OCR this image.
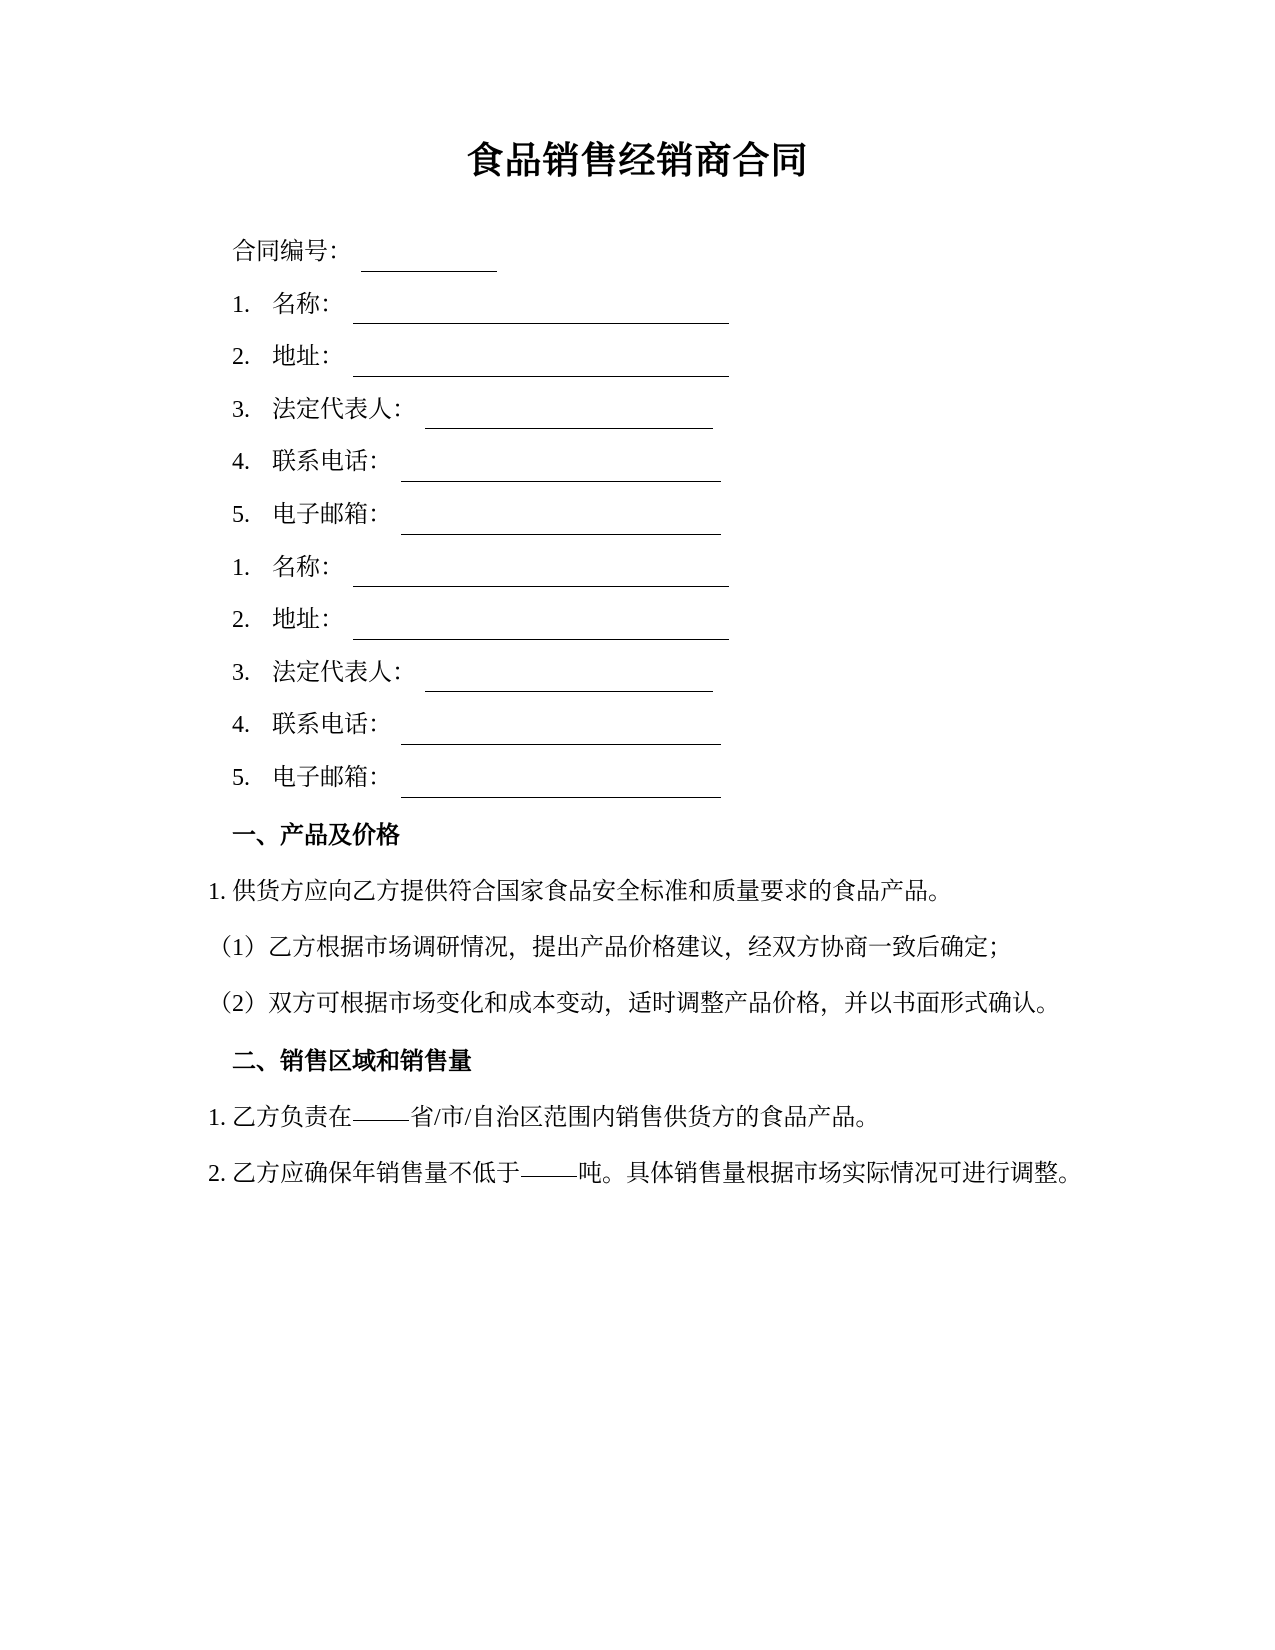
食品销售经销商合同
合同编号：
1. 名称：
2. 地址：
3. 法定代表人：
4. 联系电话：
5. 电子邮箱：
1. 名称：
2. 地址：
3. 法定代表人：
4. 联系电话：
5. 电子邮箱：
一、产品及价格

1. 供货方应向乙方提供符合国家食品安全标准和质量要求的食品产品。

（1）乙方根据市场调研情况，提出产品价格建议，经双方协商一致后确定；

（2）双方可根据市场变化和成本变动，适时调整产品价格，并以书面形式确认。

二、销售区域和销售量

1. 乙方负责在 省/市/自治区范围内销售供货方的食品产品。

2. 乙方应确保年销售量不低于 吨。具体销售量根据市场实际情况可进行调整。
